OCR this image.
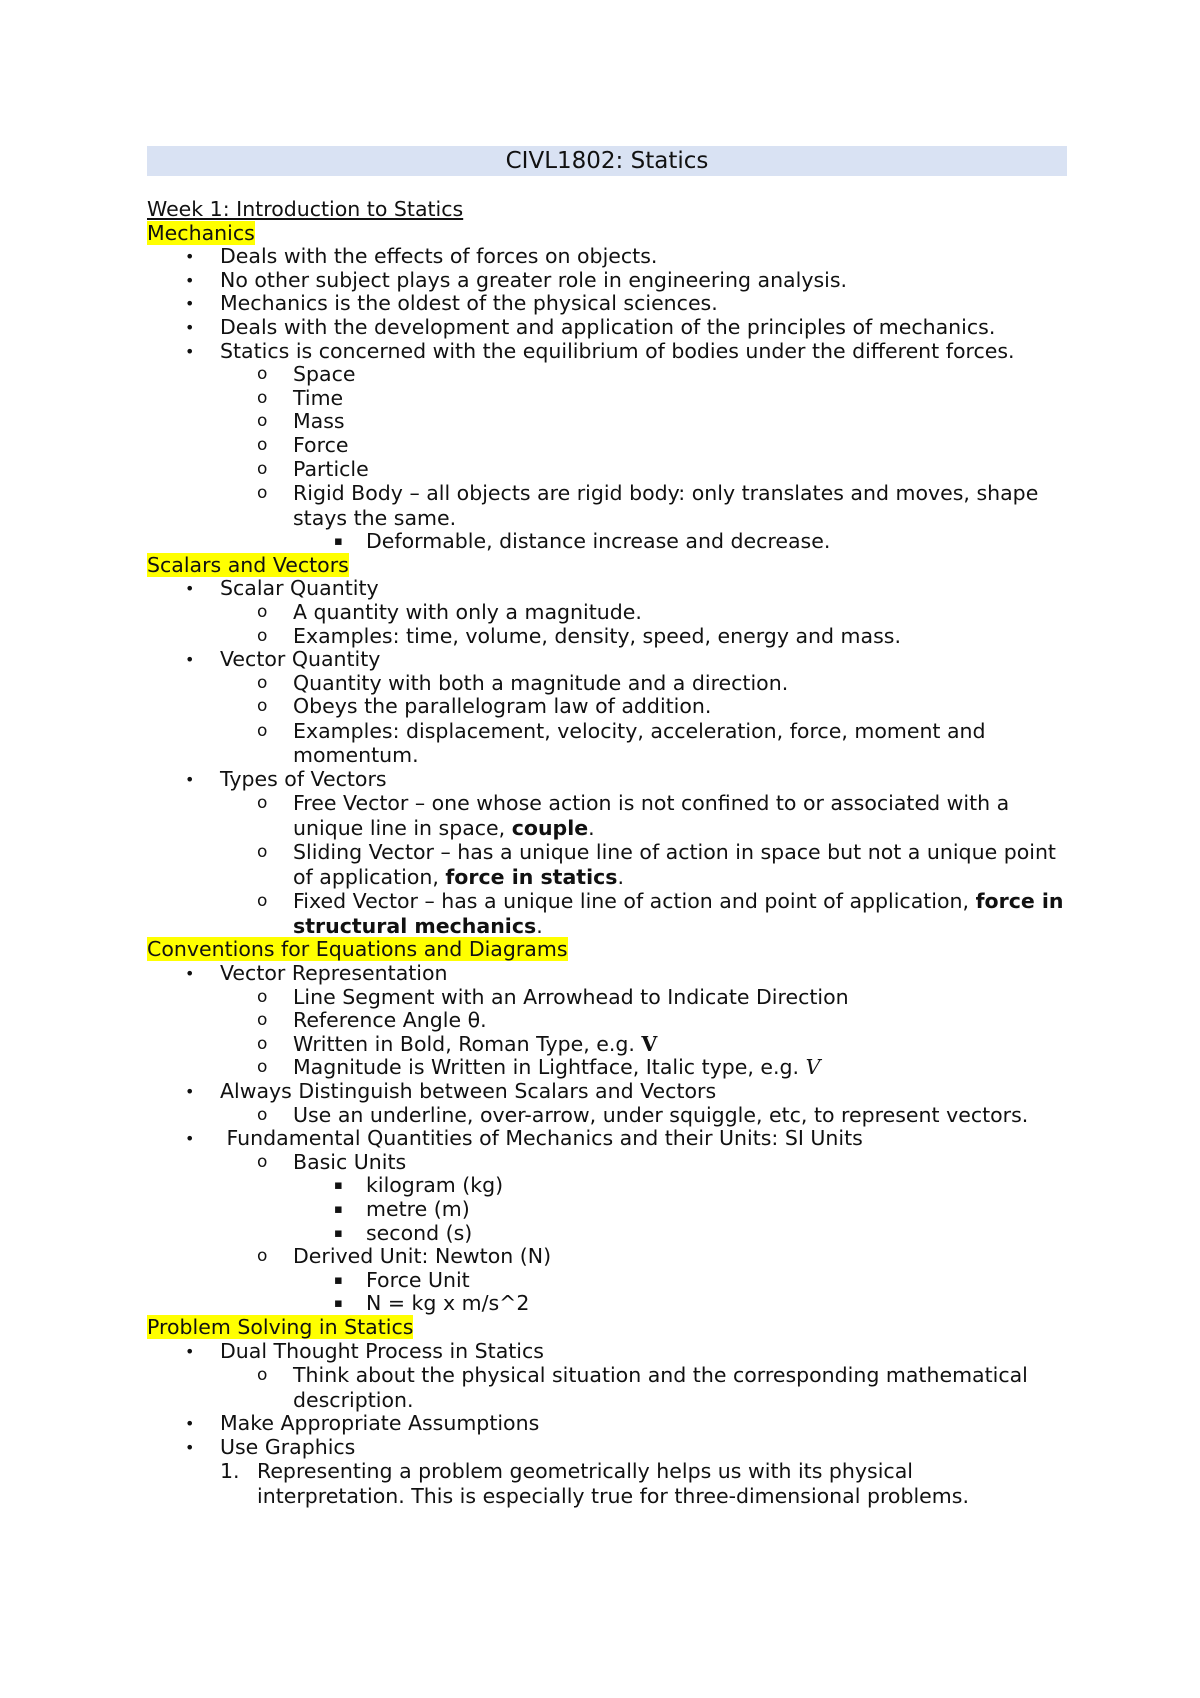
CIVL1802: Statics
Week 1: Introduction to Statics
Mechanics
• Deals with the effects of forces on objects.
• No other subject plays a greater role in engineering analysis.
• Mechanics is the oldest of the physical sciences.
• Deals with the development and application of the principles of mechanics.
• Statics is concerned with the equilibrium of bodies under the different forces.
o Space
o Time
o Mass
o Force
o Particle
o Rigid Body – all objects are rigid body: only translates and moves, shape stays the same.
▪ Deformable, distance increase and decrease.
Scalars and Vectors
• Scalar Quantity
o A quantity with only a magnitude.
o Examples: time, volume, density, speed, energy and mass.
• Vector Quantity
o Quantity with both a magnitude and a direction.
o Obeys the parallelogram law of addition.
o Examples: displacement, velocity, acceleration, force, moment and momentum.
• Types of Vectors
o Free Vector – one whose action is not confined to or associated with a unique line in space, couple.
o Sliding Vector – has a unique line of action in space but not a unique point of application, force in statics.
o Fixed Vector – has a unique line of action and point of application, force in structural mechanics.
Conventions for Equations and Diagrams
• Vector Representation
o Line Segment with an Arrowhead to Indicate Direction
o Reference Angle θ.
o Written in Bold, Roman Type, e.g. V
o Magnitude is Written in Lightface, Italic type, e.g. V
• Always Distinguish between Scalars and Vectors
o Use an underline, over-arrow, under squiggle, etc, to represent vectors.
• Fundamental Quantities of Mechanics and their Units: SI Units
o Basic Units
▪ kilogram (kg)
▪ metre (m)
▪ second (s)
o Derived Unit: Newton (N)
▪ Force Unit
▪ N = kg x m/s^2
Problem Solving in Statics
• Dual Thought Process in Statics
o Think about the physical situation and the corresponding mathematical description.
• Make Appropriate Assumptions
• Use Graphics
1. Representing a problem geometrically helps us with its physical interpretation. This is especially true for three-dimensional problems.
